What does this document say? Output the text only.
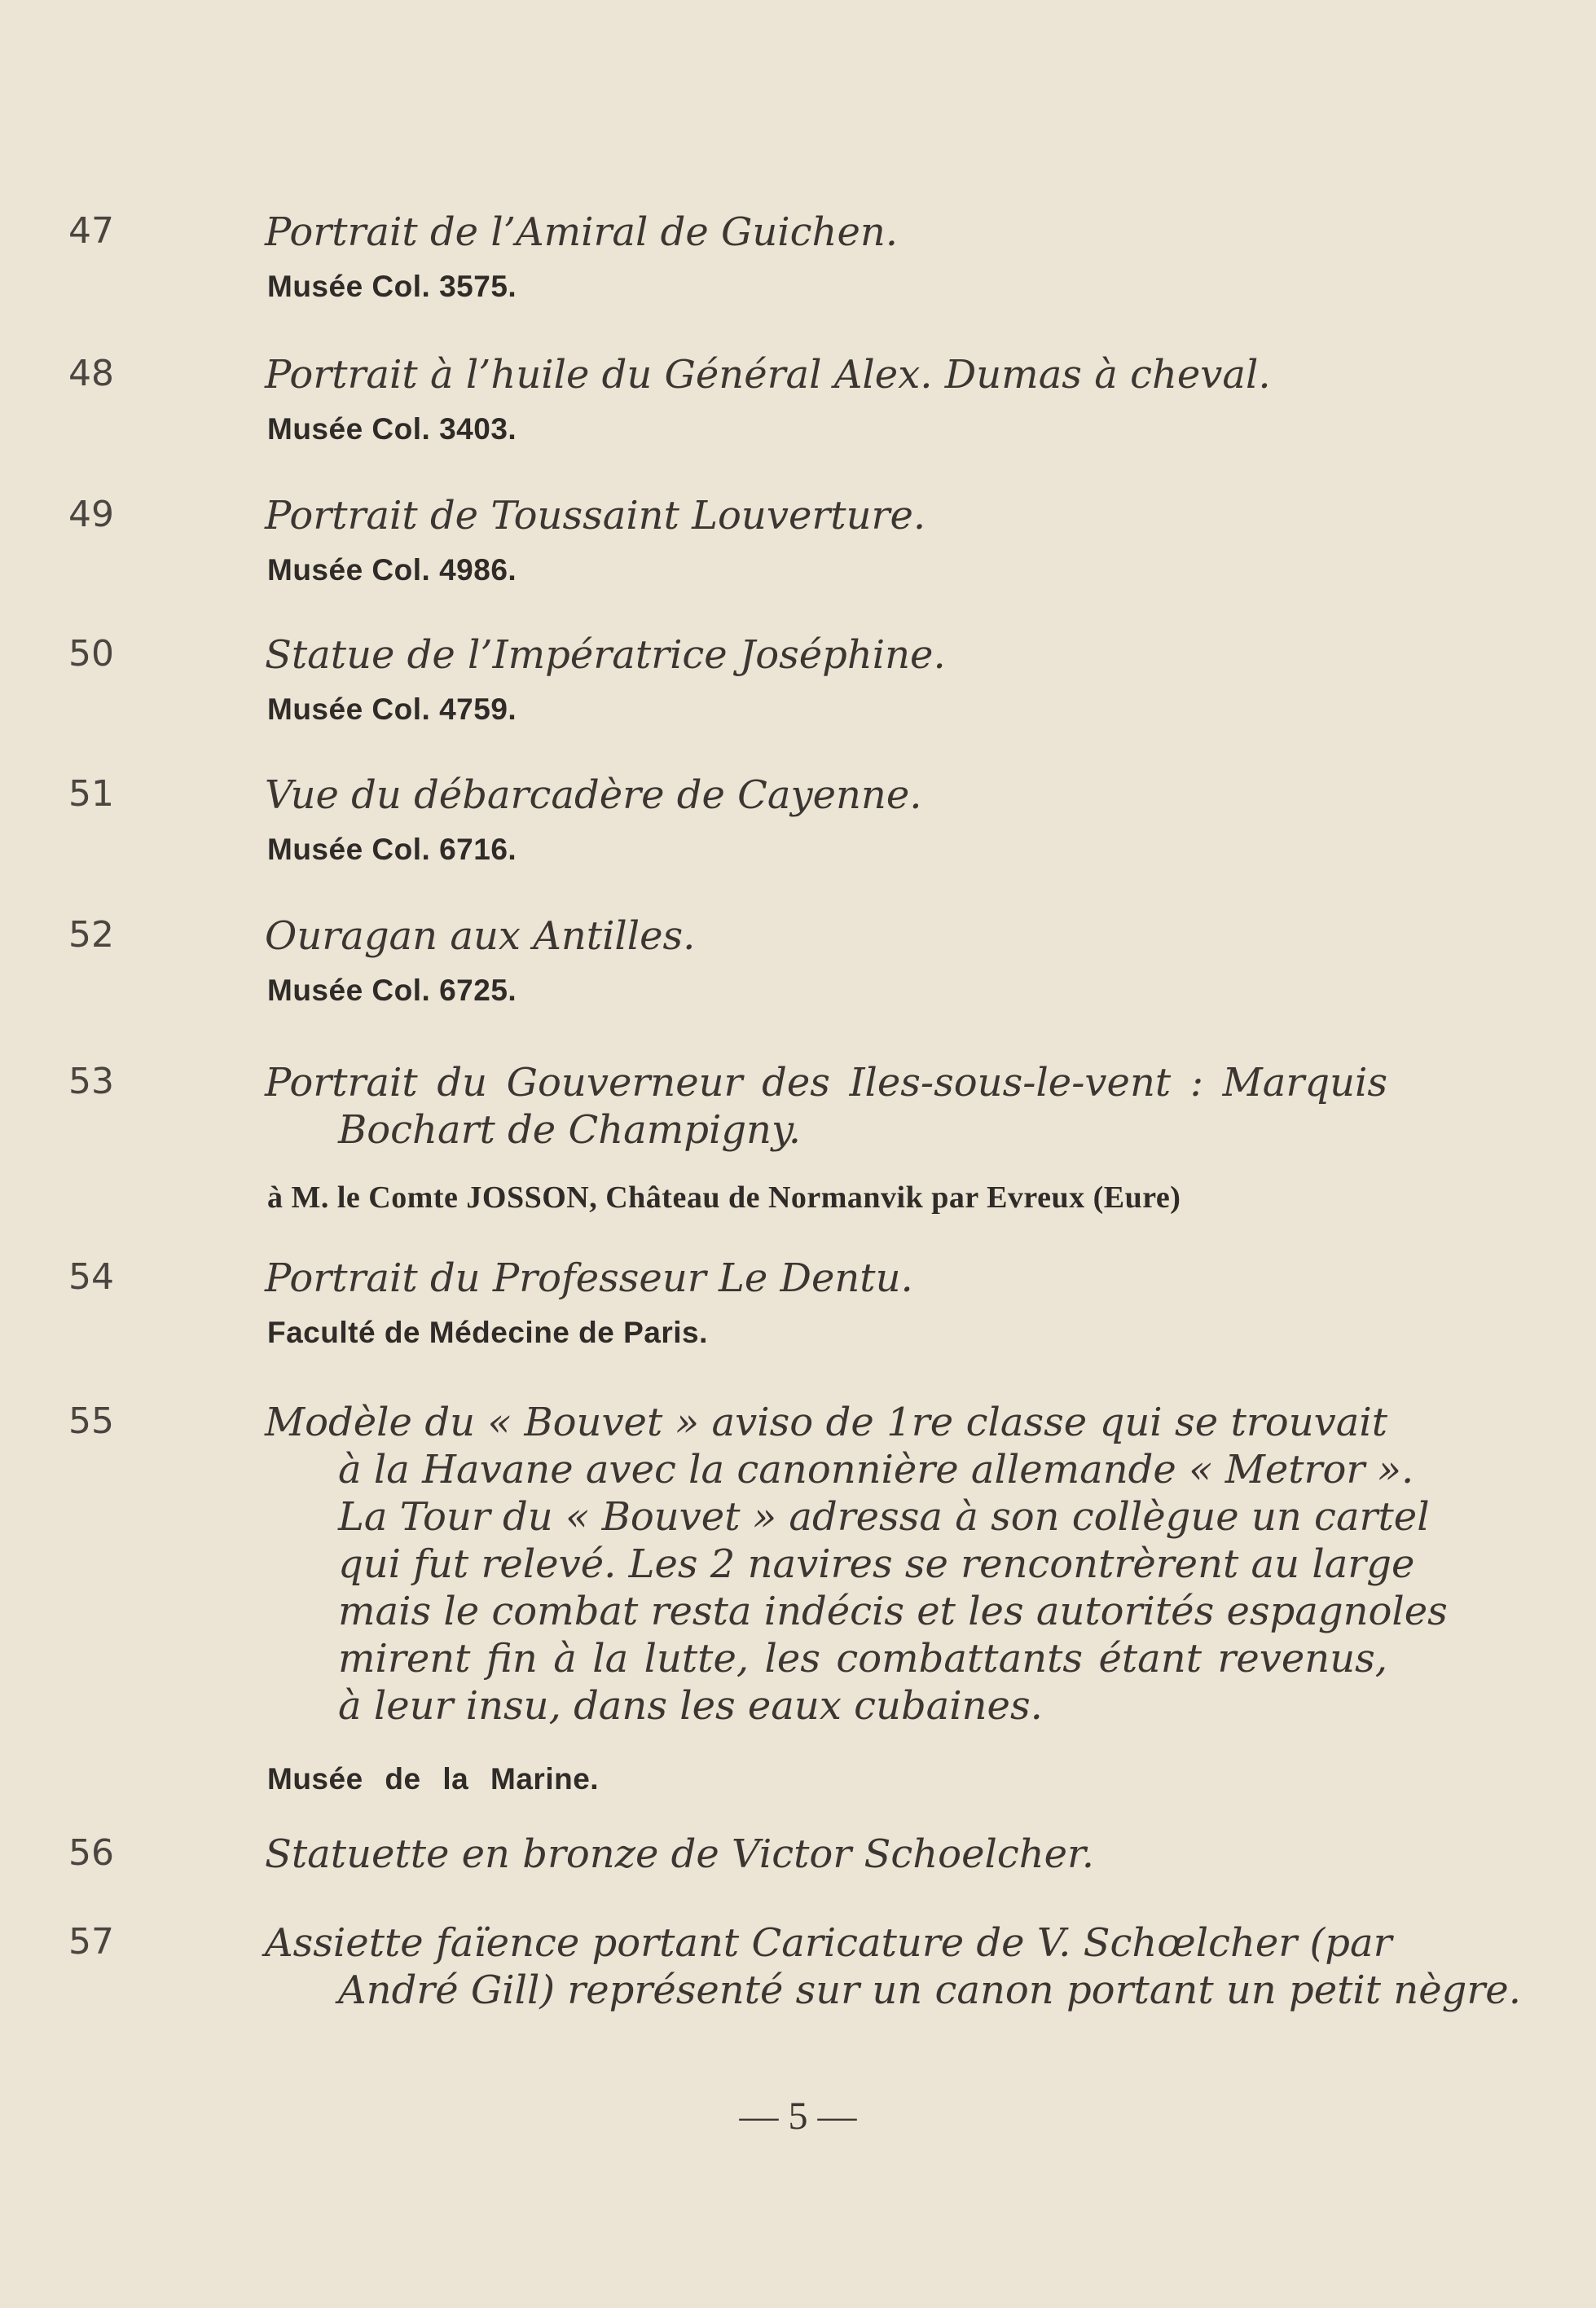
47	Portrait de l’Amiral de Guichen.
Musée Col. 3575.
48	Portrait à l’huile du Général Alex. Dumas à cheval.
Musée Col. 3403.
49	Portrait de Toussaint Louverture.
Musée Col. 4986.
50	Statue de l’Impératrice Joséphine.
Musée Col. 4759.
51	Vue du débarcadère de Cayenne.
Musée Col. 6716.
52	Ouragan aux Antilles.
Musée Col. 6725.
53	Portrait du Gouverneur des Iles-sous-le-vent : Marquis
Bochart de Champigny.
à M. le Comte JOSSON, Château de Normanvik par Evreux (Eure)
54	Portrait du Professeur Le Dentu.
Faculté de Médecine de Paris.
55	Modèle du « Bouvet » aviso de 1re classe qui se trouvait
à la Havane avec la canonnière allemande « Metror ».
La Tour du « Bouvet » adressa à son collègue un cartel
qui fut relevé. Les 2 navires se rencontrèrent au large
mais le combat resta indécis et les autorités espagnoles
mirent fin à la lutte, les combattants étant revenus,
à leur insu, dans les eaux cubaines.
Musée de la Marine.
56	Statuette en bronze de Victor Schoelcher.
57	Assiette faïence portant Caricature de V. Schœlcher (par
André Gill) représenté sur un canon portant un petit nègre.
— 5 —
